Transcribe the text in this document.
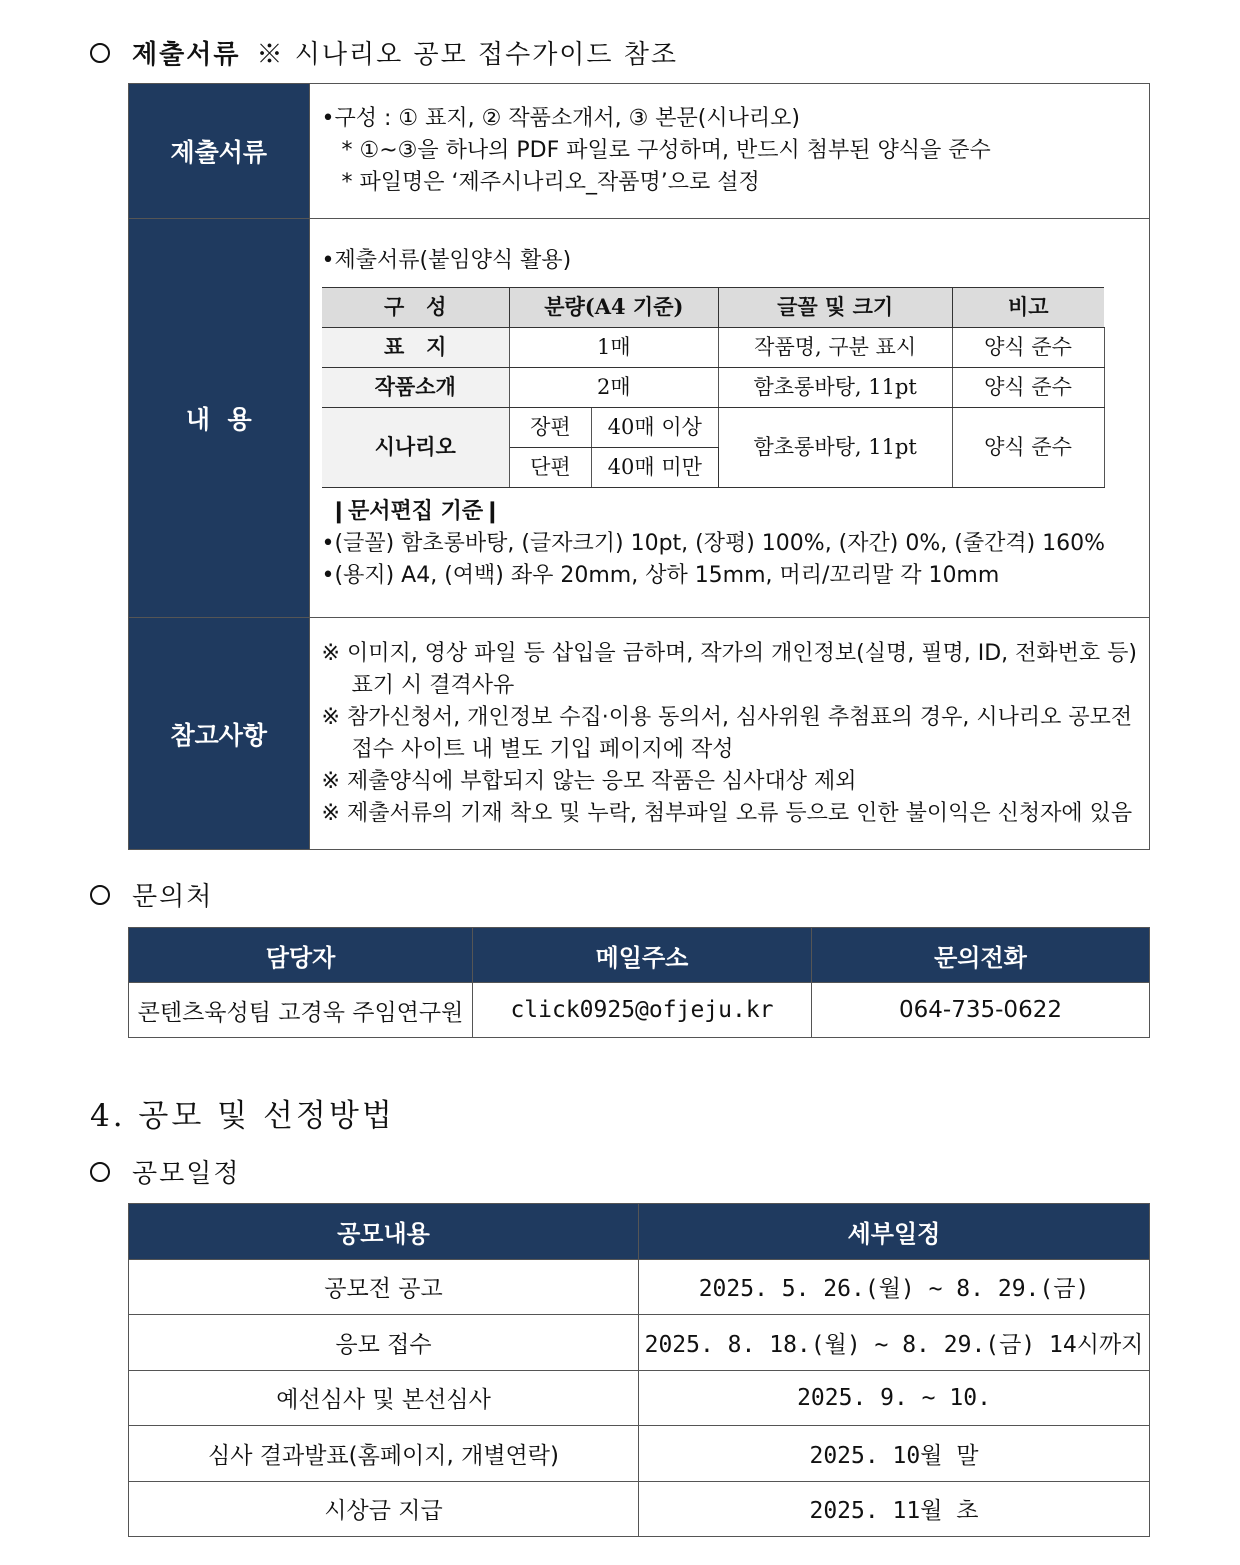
제출서류 ※ 시나리오 공모 접수가이드 참조
제출서류	
•구성 : ① 표지, ② 작품소개서, ③ 본문(시나리오)
* ①~③을 하나의 PDF 파일로 구성하며, 반드시 첨부된 양식을 준수
* 파일명은 ‘제주시나리오_작품명’으로 설정

내  용	
•제출서류(붙임양식 활용)
구   성	분량(A4 기준)	글꼴 및 크기	비고
표   지	1매	작품명, 구분 표시	양식 준수
작품소개	2매	함초롱바탕, 11pt	양식 준수
시나리오	장편	40매 이상	함초롱바탕, 11pt	양식 준수
단편	40매 미만
❙문서편집 기준❙
•(글꼴) 함초롱바탕, (글자크기) 10pt, (장평) 100%, (자간) 0%, (줄간격) 160%
•(용지) A4, (여백) 좌우 20mm, 상하 15mm, 머리/꼬리말 각 10mm

참고사항	
※ 이미지, 영상 파일 등 삽입을 금하며, 작가의 개인정보(실명, 필명, ID, 전화번호 등)
표기 시 결격사유
※ 참가신청서, 개인정보 수집·이용 동의서, 심사위원 추첨표의 경우, 시나리오 공모전
접수 사이트 내 별도 기입 페이지에 작성
※ 제출양식에 부합되지 않는 응모 작품은 심사대상 제외
※ 제출서류의 기재 착오 및 누락, 첨부파일 오류 등으로 인한 불이익은 신청자에 있음
문의처
담당자	메일주소	문의전화
콘텐츠육성팀 고경욱 주임연구원	click0925@ofjeju.kr	064-735-0622
4. 공모 및 선정방법
공모일정
공모내용	세부일정
공모전 공고	2025. 5. 26.(월) ~ 8. 29.(금)
응모 접수	2025. 8. 18.(월) ~ 8. 29.(금) 14시까지
예선심사 및 본선심사	2025. 9. ~ 10.
심사 결과발표(홈페이지, 개별연락)	2025. 10월 말
시상금 지급	2025. 11월 초
